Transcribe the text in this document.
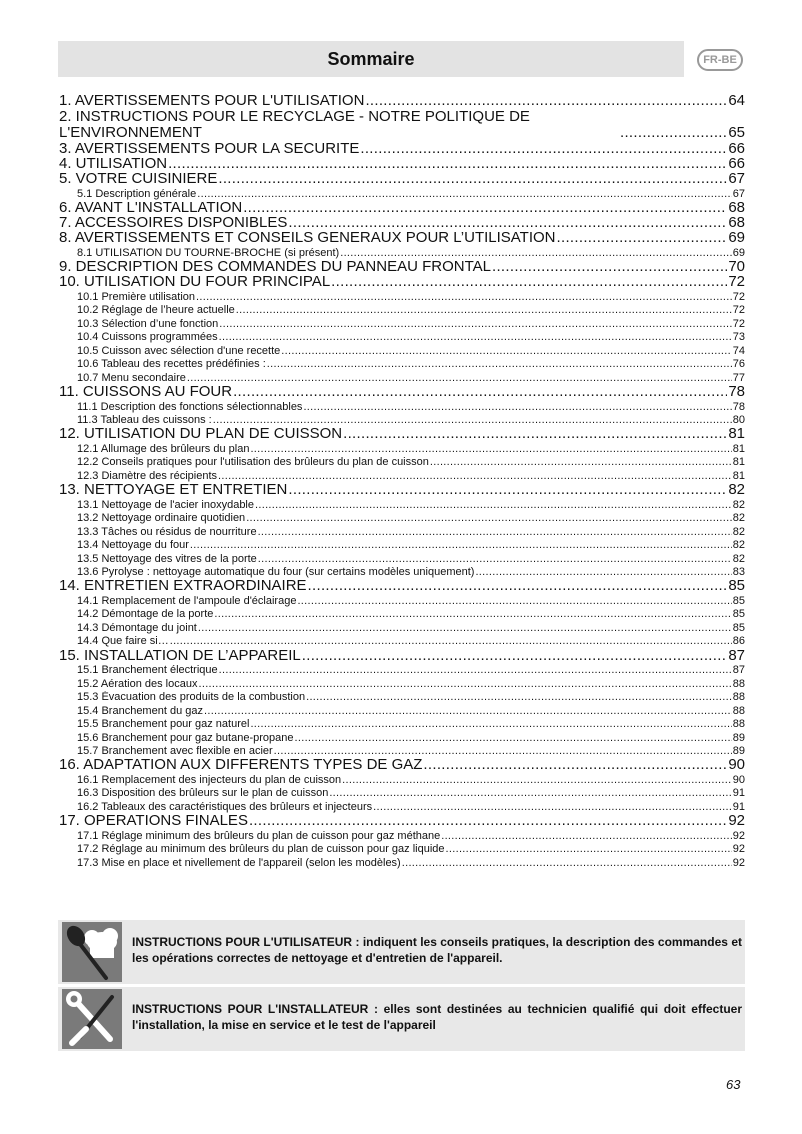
Sommaire	FR-BE
1. AVERTISSEMENTS POUR L'UTILISATION .....	64
2. INSTRUCTIONS POUR LE RECYCLAGE - NOTRE POLITIQUE DE L'ENVIRONNEMENT .....	65
3. AVERTISSEMENTS POUR LA SECURITE .....	66
4. UTILISATION .....	66
5. VOTRE CUISINIERE .....	67
5.1 Description générale .....	67
6. AVANT L'INSTALLATION .....	68
7. ACCESSOIRES DISPONIBLES .....	68
8. AVERTISSEMENTS ET CONSEILS GENERAUX POUR L’UTILISATION .....	69
8.1 UTILISATION DU TOURNE-BROCHE (si présent) .....	69
9. DESCRIPTION DES COMMANDES DU PANNEAU FRONTAL .....	70
10. UTILISATION DU FOUR PRINCIPAL .....	72
10.1 Première utilisation .....	72
10.2 Réglage de l’heure actuelle .....	72
10.3 Sélection d’une fonction .....	72
10.4 Cuissons programmées .....	73
10.5 Cuisson avec sélection d'une recette .....	74
10.6 Tableau des recettes prédéfinies : .....	76
10.7 Menu secondaire .....	77
11. CUISSONS AU FOUR .....	78
11.1 Description des fonctions sélectionnables .....	78
11.3 Tableau des cuissons : .....	80
12. UTILISATION DU PLAN DE CUISSON .....	81
12.1 Allumage des brûleurs du plan .....	81
12.2 Conseils pratiques pour l'utilisation des brûleurs du plan de cuisson .....	81
12.3 Diamètre des récipients .....	81
13. NETTOYAGE ET ENTRETIEN .....	82
13.1 Nettoyage de l'acier inoxydable .....	82
13.2 Nettoyage ordinaire quotidien .....	82
13.3 Tâches ou résidus de nourriture .....	82
13.4 Nettoyage du four .....	82
13.5 Nettoyage des vitres de la porte .....	82
13.6 Pyrolyse : nettoyage automatique du four (sur certains modèles uniquement) .....	83
14. ENTRETIEN EXTRAORDINAIRE .....	85
14.1 Remplacement de l'ampoule d'éclairage .....	85
14.2 Démontage de la porte .....	85
14.3 Démontage du joint .....	85
14.4 Que faire si… .....	86
15. INSTALLATION DE L’APPAREIL .....	87
15.1 Branchement électrique .....	87
15.2 Aération des locaux .....	88
15.3 Évacuation des produits de la combustion .....	88
15.4 Branchement du gaz .....	88
15.5 Branchement pour gaz naturel .....	88
15.6 Branchement pour gaz butane-propane .....	89
15.7 Branchement avec flexible en acier .....	89
16. ADAPTATION AUX DIFFERENTS TYPES DE GAZ .....	90
16.1 Remplacement des injecteurs du plan de cuisson .....	90
16.3 Disposition des brûleurs sur le plan de cuisson .....	91
16.2 Tableaux des caractéristiques des brûleurs et injecteurs .....	91
17. OPERATIONS FINALES .....	92
17.1 Réglage minimum des brûleurs du plan de cuisson pour gaz méthane .....	92
17.2 Réglage au minimum des brûleurs du plan de cuisson pour gaz liquide .....	92
17.3 Mise en place et nivellement de l'appareil (selon les modèles) .....	92
INSTRUCTIONS POUR L'UTILISATEUR : indiquent les conseils pratiques, la description des commandes et les opérations correctes de nettoyage et d'entretien de l'appareil.
INSTRUCTIONS POUR L'INSTALLATEUR : elles sont destinées au technicien qualifié qui doit effectuer l'installation, la mise en service et le test de l'appareil
63
